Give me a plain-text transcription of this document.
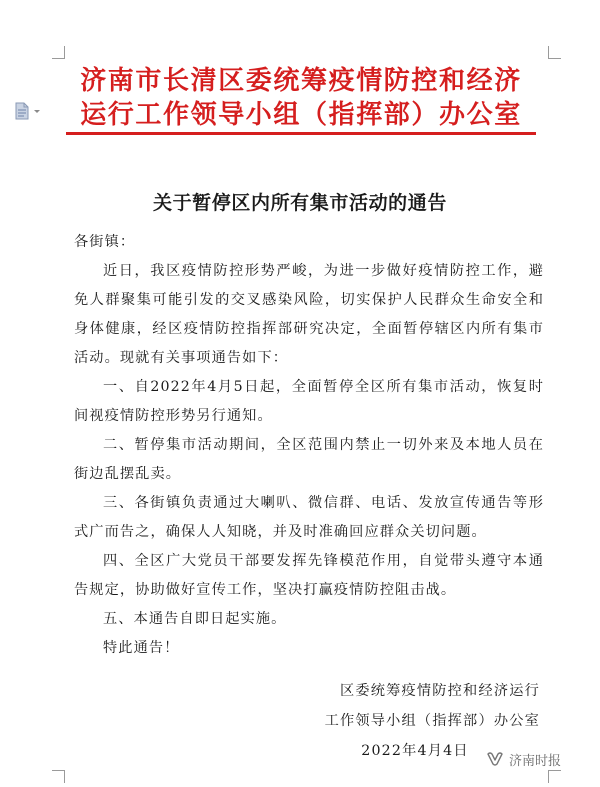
济南市长清区委统筹疫情防控和经济
运行工作领导小组（指挥部）办公室
关于暂停区内所有集市活动的通告

各街镇：

近日，我区疫情防控形势严峻，为进一步做好疫情防控工作，避免人群聚集可能引发的交叉感染风险，切实保护人民群众生命安全和身体健康，经区疫情防控指挥部研究决定，全面暂停辖区内所有集市活动。现就有关事项通告如下：

一、自2022年4月5日起，全面暂停全区所有集市活动，恢复时间视疫情防控形势另行通知。

二、暂停集市活动期间，全区范围内禁止一切外来及本地人员在街边乱摆乱卖。

三、各街镇负责通过大喇叭、微信群、电话、发放宣传通告等形式广而告之，确保人人知晓，并及时准确回应群众关切问题。

四、全区广大党员干部要发挥先锋模范作用，自觉带头遵守本通告规定，协助做好宣传工作，坚决打赢疫情防控阻击战。

五、本通告自即日起实施。

特此通告！

区委统筹疫情防控和经济运行

工作领导小组（指挥部）办公室

2022年4月4日

济南时报
